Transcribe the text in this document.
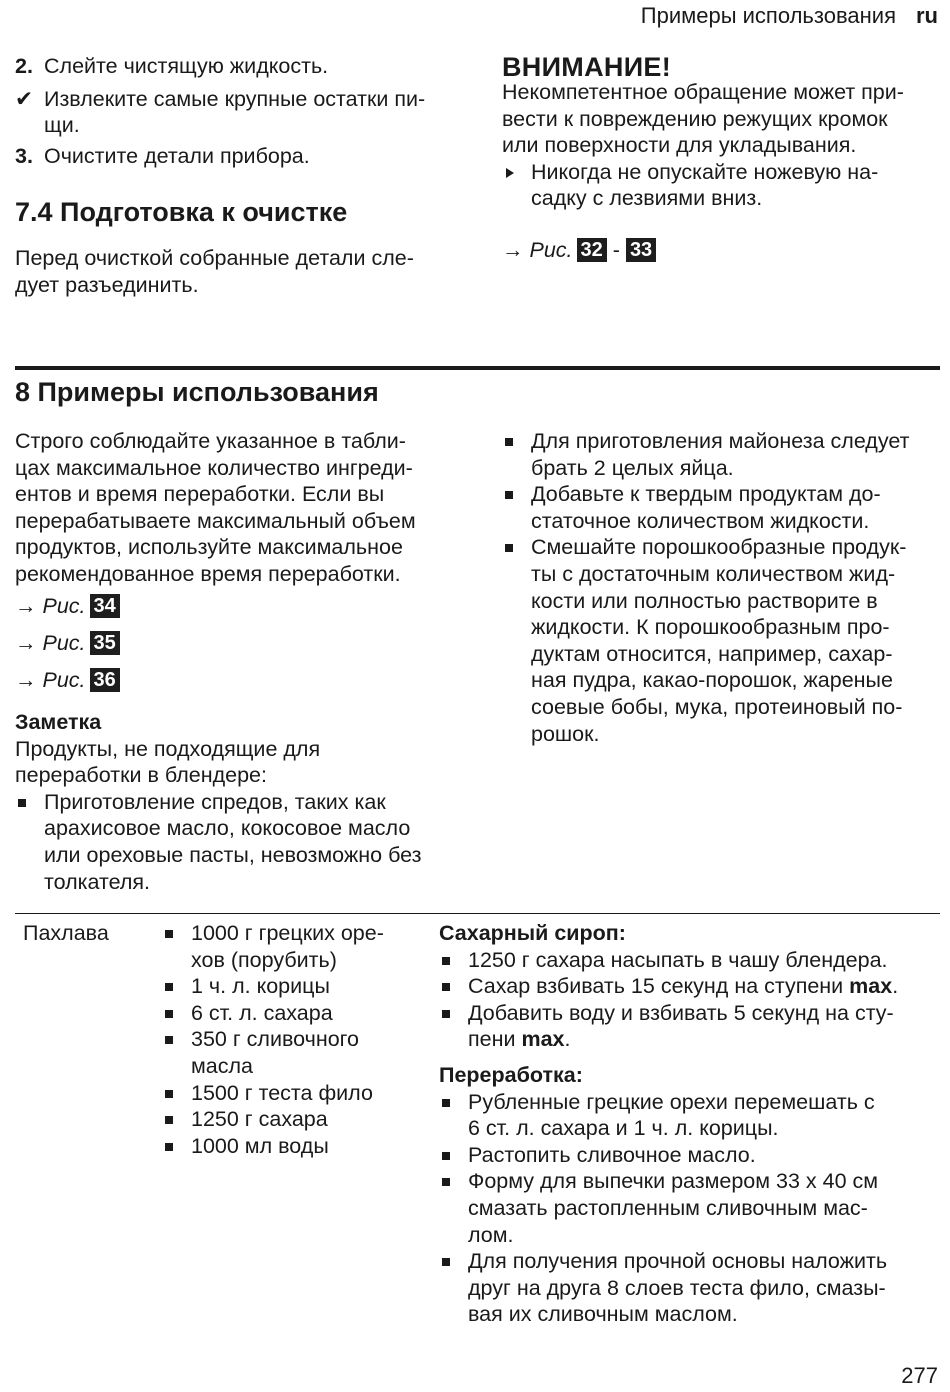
Примеры использования ru
2. Слейте чистящую жидкость.
✔ Извлеките самые крупные остатки пи-
щи.
3. Очистите детали прибора.
7.4 Подготовка к очистке
Перед очисткой собранные детали сле-
дует разъединить.
ВНИМАНИЕ!
Некомпетентное обращение может при-
вести к повреждению режущих кромок
или поверхности для укладывания.
Никогда не опускайте ножевую на-
садку с лезвиями вниз.
→ Рис. 32 - 33
8 Примеры использования
Строго соблюдайте указанное в табли-
цах максимальное количество ингреди-
ентов и время переработки. Если вы
перерабатываете максимальный объем
продуктов, используйте максимальное
рекомендованное время переработки.
→ Рис. 34
→ Рис. 35
→ Рис. 36
Заметка
Продукты, не подходящие для
переработки в блендере:
Приготовление спредов, таких как
арахисовое масло, кокосовое масло
или ореховые пасты, невозможно без
толкателя.
Для приготовления майонеза следует
брать 2 целых яйца.
Добавьте к твердым продуктам до-
статочное количеством жидкости.
Смешайте порошкообразные продук-
ты с достаточным количеством жид-
кости или полностью растворите в
жидкости. К порошкообразным про-
дуктам относится, например, сахар-
ная пудра, какао-порошок, жареные
соевые бобы, мука, протеиновый по-
рошок.
Пахлава	1000 г грецких оре-
хов (порубить)
1 ч. л. корицы
6 ст. л. сахара
350 г сливочного
масла
1500 г теста фило
1250 г сахара
1000 мл воды
Сахарный сироп:
1250 г сахара насыпать в чашу блендера.
Сахар взбивать 15 секунд на ступени max.
Добавить воду и взбивать 5 секунд на сту-
пени max.
Переработка:
Рубленные грецкие орехи перемешать с
6 ст. л. сахара и 1 ч. л. корицы.
Растопить сливочное масло.
Форму для выпечки размером 33 x 40 см
смазать растопленным сливочным мас-
лом.
Для получения прочной основы наложить
друг на друга 8 слоев теста фило, смазы-
вая их сливочным маслом.
277
